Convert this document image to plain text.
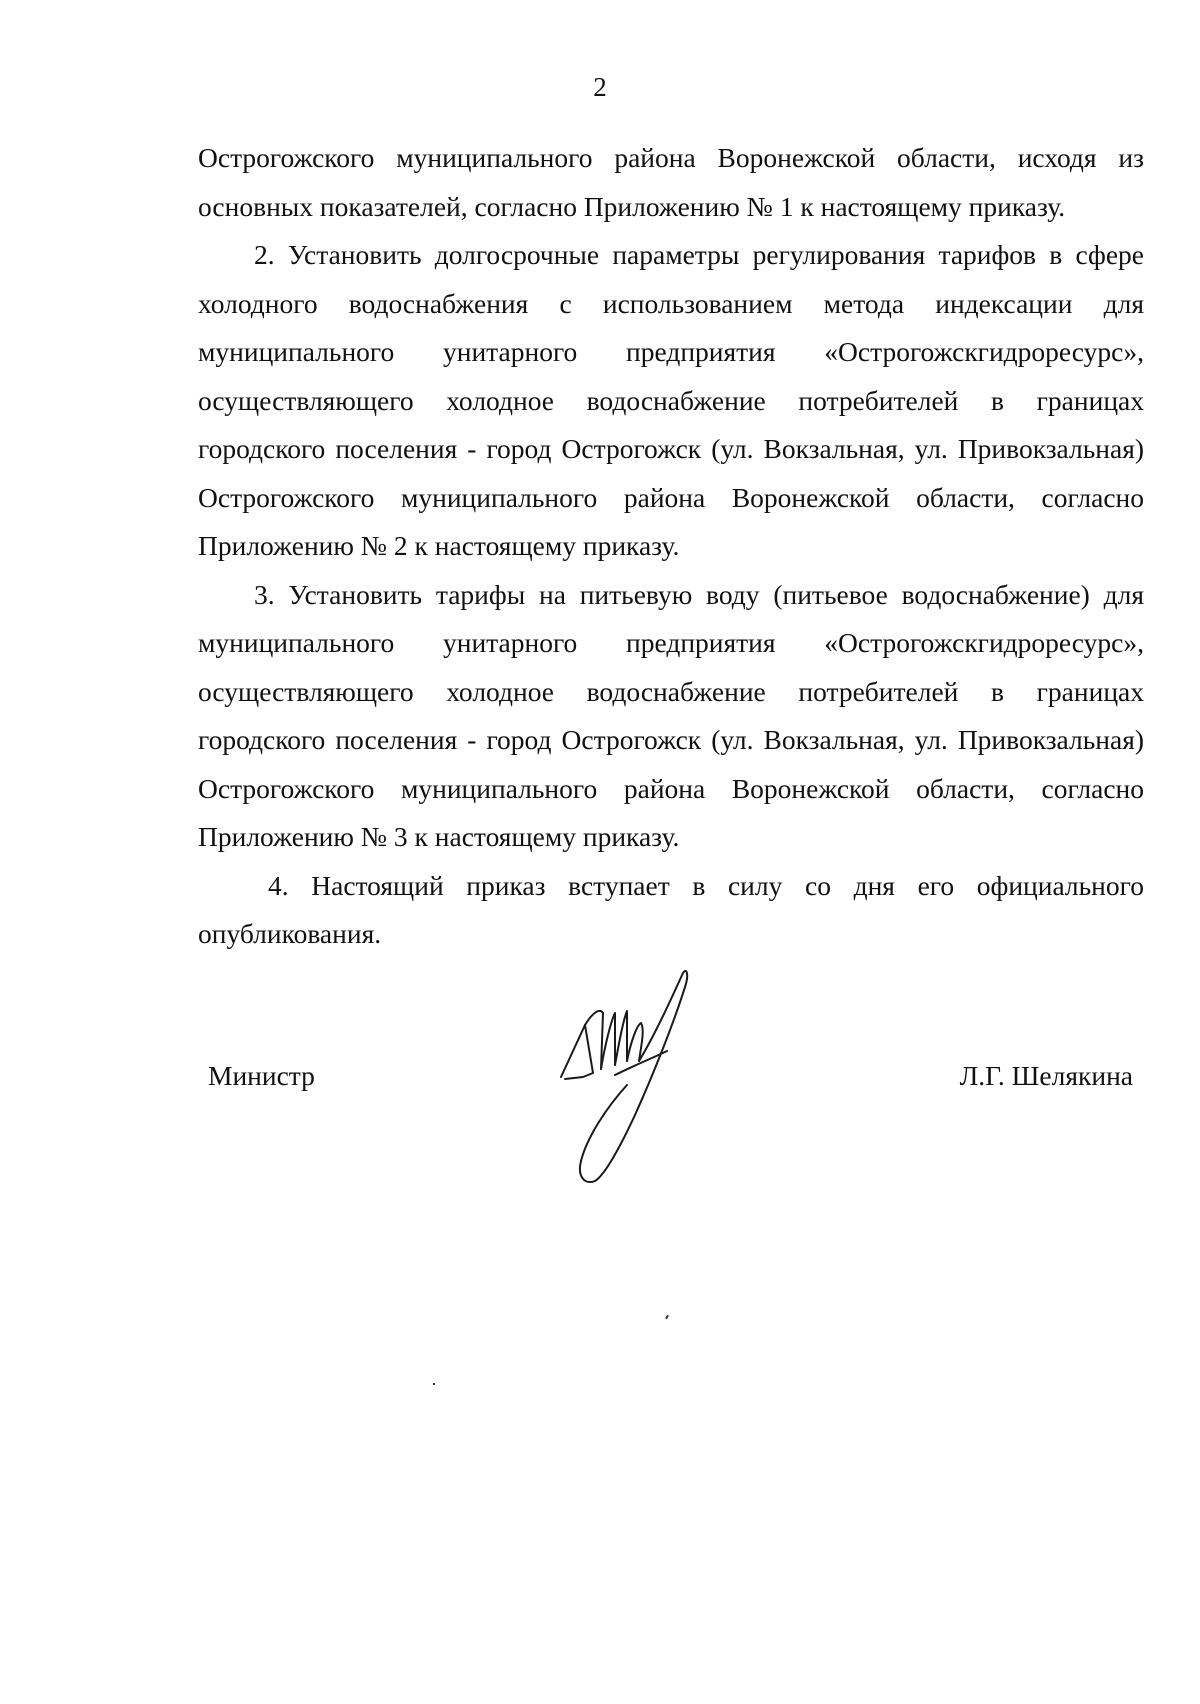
2

Острогожского муниципального района Воронежской области, исходя из основных показателей, согласно Приложению № 1 к настоящему приказу.

2. Установить долгосрочные параметры регулирования тарифов в сфере холодного водоснабжения с использованием метода индексации для муниципального унитарного предприятия «Острогожскгидроресурс», осуществляющего холодное водоснабжение потребителей в границах городского поселения - город Острогожск (ул. Вокзальная, ул. Привокзальная) Острогожского муниципального района Воронежской области, согласно Приложению № 2 к настоящему приказу.

3. Установить тарифы на питьевую воду (питьевое водоснабжение) для муниципального унитарного предприятия «Острогожскгидроресурс», осуществляющего холодное водоснабжение потребителей в границах городского поселения - город Острогожск (ул. Вокзальная, ул. Привокзальная) Острогожского муниципального района Воронежской области, согласно Приложению № 3 к настоящему приказу.

4. Настоящий приказ вступает в силу со дня его официального опубликования.

Министр	Л.Г. Шелякина
